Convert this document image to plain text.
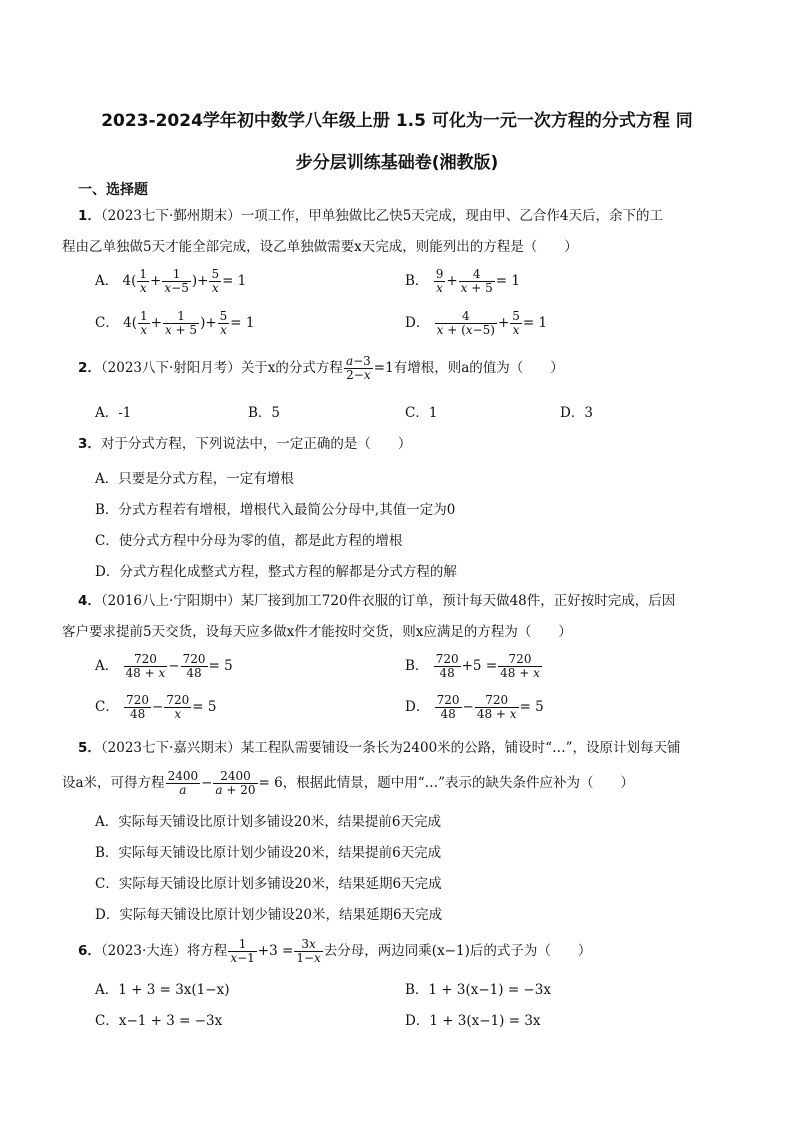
2023-2024学年初中数学八年级上册 1.5 可化为一元一次方程的分式方程 同
步分层训练基础卷(湘教版)
一、选择题
1．（2023七下·鄞州期末）一项工作，甲单独做比乙快5天完成，现由甲、乙合作4天后，余下的工
程由乙单独做5天才能全部完成，设乙单独做需要x天完成，则能列出的方程是（　　）
A． $4( \frac{1}{x} + \frac{1}{x-5}$ )+ $\frac{5}{x} = 1$	B． $\frac{9}{x} + \frac{4}{x + 5} = 1$
C． $4( \frac{1}{x} + \frac{1}{x + 5}$ )+ $\frac{5}{x} = 1$	D． $\frac{4}{x + (x-5)} + \frac{5}{x} = 1$
2．（2023八下·射阳月考）关于x的分式方程 $\frac{a-3}{2-x} =1$有增根，则a的值为（　　）
A．-1	B．5	C．1	D．3
3．对于分式方程，下列说法中，一定正确的是（　　）
A．只要是分式方程，一定有增根
B．分式方程若有增根，增根代入最简公分母中,其值一定为0
C．使分式方程中分母为零的值，都是此方程的增根
D．分式方程化成整式方程，整式方程的解都是分式方程的解
4．（2016八上·宁阳期中）某厂接到加工720件衣服的订单，预计每天做48件，正好按时完成，后因
客户要求提前5天交货，设每天应多做x件才能按时交货，则x应满足的方程为（　　）
A． $\frac{720}{48 + x} - \frac{720}{48} = 5$	B． $\frac{720}{48} +5 = \frac{720}{48 + x}$
C． $\frac{720}{48} - \frac{720}{x} = 5$	D． $\frac{720}{48} - \frac{720}{48 + x} = 5$
5．（2023七下·嘉兴期末）某工程队需要铺设一条长为2400米的公路，铺设时“…”，设原计划每天铺
设a米，可得方程 $\frac{2400}{a} - \frac{2400}{a + 20} = 6$，根据此情景，题中用“…”表示的缺失条件应补为（　　）
A．实际每天铺设比原计划多铺设20米，结果提前6天完成
B．实际每天铺设比原计划少铺设20米，结果提前6天完成
C．实际每天铺设比原计划多铺设20米，结果延期6天完成
D．实际每天铺设比原计划少铺设20米，结果延期6天完成
6．（2023·大连）将方程 $\frac{1}{x-1} +3 = \frac{3x}{1-x}$ 去分母，两边同乘(x−1)后的式子为（　　）
A．1 + 3 = 3x(1−x)	B．1 + 3(x−1) = −3x
C．x−1 + 3 = −3x	D．1 + 3(x−1) = 3x
